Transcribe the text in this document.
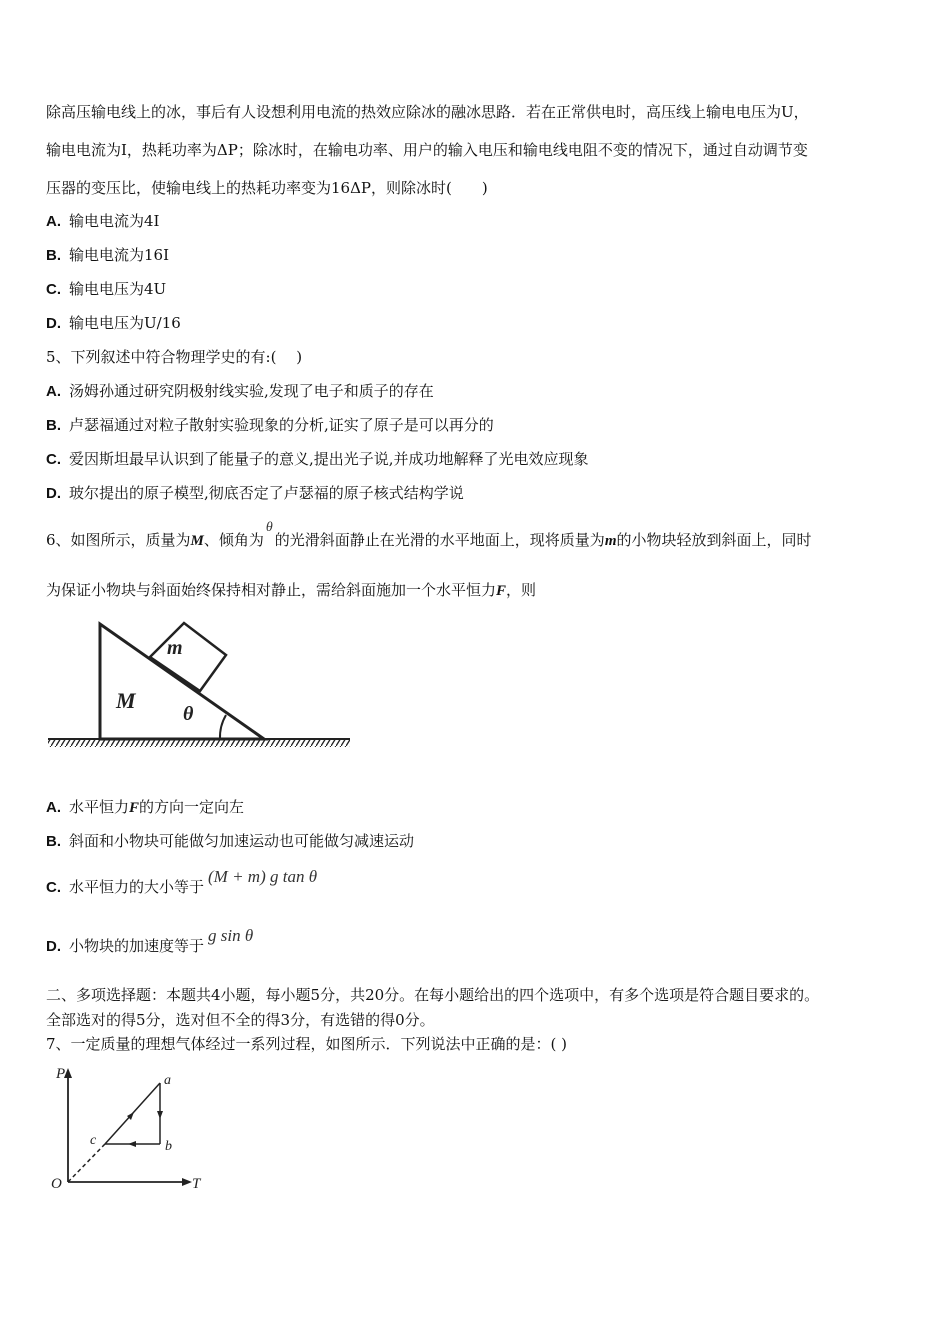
除高压输电线上的冰，事后有人设想利用电流的热效应除冰的融冰思路．若在正常供电时，高压线上输电电压为U，
输电电流为I，热耗功率为ΔP；除冰时，在输电功率、用户的输入电压和输电线电阻不变的情况下，通过自动调节变
压器的变压比，使输电线上的热耗功率变为16ΔP，则除冰时(　　)
A. 输电电流为4I
B. 输电电流为16I
C. 输电电压为4U
D. 输电电压为U/16
5、下列叙述中符合物理学史的有:(　 )
A. 汤姆孙通过研究阴极射线实验,发现了电子和质子的存在
B. 卢瑟福通过对粒子散射实验现象的分析,证实了原子是可以再分的
C. 爱因斯坦最早认识到了能量子的意义,提出光子说,并成功地解释了光电效应现象
D. 玻尔提出的原子模型,彻底否定了卢瑟福的原子核式结构学说
6、如图所示，质量为M、倾角为θ的光滑斜面静止在光滑的水平地面上，现将质量为m的小物块轻放到斜面上，同时
为保证小物块与斜面始终保持相对静止，需给斜面施加一个水平恒力F，则
m
M
θ
A. 水平恒力F的方向一定向左
B. 斜面和小物块可能做匀加速运动也可能做匀减速运动
C. 水平恒力的大小等于(M + m) g tan θ
D. 小物块的加速度等于g sin θ
二、多项选择题：本题共4小题，每小题5分，共20分。在每小题给出的四个选项中，有多个选项是符合题目要求的。
全部选对的得5分，选对但不全的得3分，有选错的得0分。
7、一定质量的理想气体经过一系列过程，如图所示．下列说法中正确的是：( )
P
T
O
a
b
c
